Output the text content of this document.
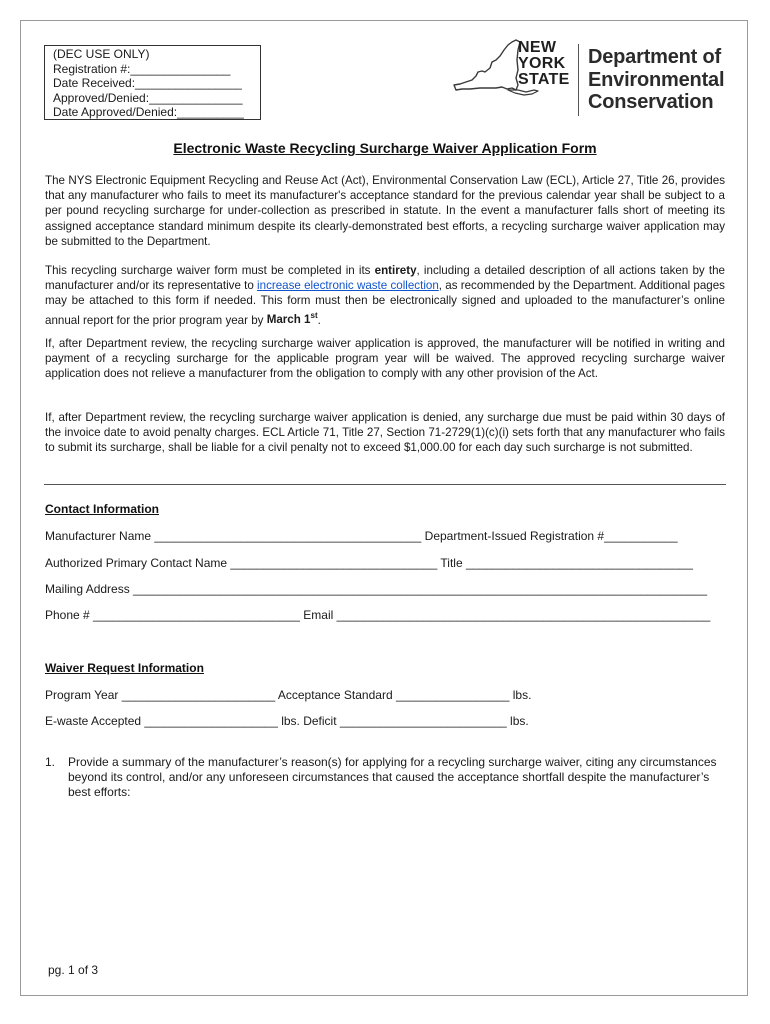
(DEC USE ONLY)
Registration #:_______________
Date Received:________________
Approved/Denied:______________
Date Approved/Denied:__________
NEW
YORK
STATE
Department of
Environmental
Conservation
Electronic Waste Recycling Surcharge Waiver Application Form
The NYS Electronic Equipment Recycling and Reuse Act (Act), Environmental Conservation Law (ECL), Article 27, Title 26, provides that any manufacturer who fails to meet its manufacturer's acceptance standard for the previous calendar year shall be subject to a per pound recycling surcharge for under-collection as prescribed in statute. In the event a manufacturer falls short of meeting its assigned acceptance standard minimum despite its clearly-demonstrated best efforts, a recycling surcharge waiver application may be submitted to the Department.
This recycling surcharge waiver form must be completed in its entirety, including a detailed description of all actions taken by the manufacturer and/or its representative to increase electronic waste collection, as recommended by the Department. Additional pages may be attached to this form if needed. This form must then be electronically signed and uploaded to the manufacturer’s online annual report for the prior program year by March 1st.
If, after Department review, the recycling surcharge waiver application is approved, the manufacturer will be notified in writing and payment of a recycling surcharge for the applicable program year will be waived. The approved recycling surcharge waiver application does not relieve a manufacturer from the obligation to comply with any other provision of the Act.
If, after Department review, the recycling surcharge waiver application is denied, any surcharge due must be paid within 30 days of the invoice date to avoid penalty charges. ECL Article 71, Title 27, Section 71-2729(1)(c)(i) sets forth that any manufacturer who fails to submit its surcharge, shall be liable for a civil penalty not to exceed $1,000.00 for each day such surcharge is not submitted.
Contact Information
Manufacturer Name ________________________________________ Department-Issued Registration #___________
Authorized Primary Contact Name _______________________________ Title __________________________________
Mailing Address ______________________________________________________________________________________
Phone # _______________________________ Email ________________________________________________________
Waiver Request Information
Program Year _______________________ Acceptance Standard _________________ lbs.
E-waste Accepted ____________________ lbs. Deficit _________________________ lbs.
1. Provide a summary of the manufacturer’s reason(s) for applying for a recycling surcharge waiver, citing any circumstances beyond its control, and/or any unforeseen circumstances that caused the acceptance shortfall despite the manufacturer’s best efforts:
pg. 1 of 3
